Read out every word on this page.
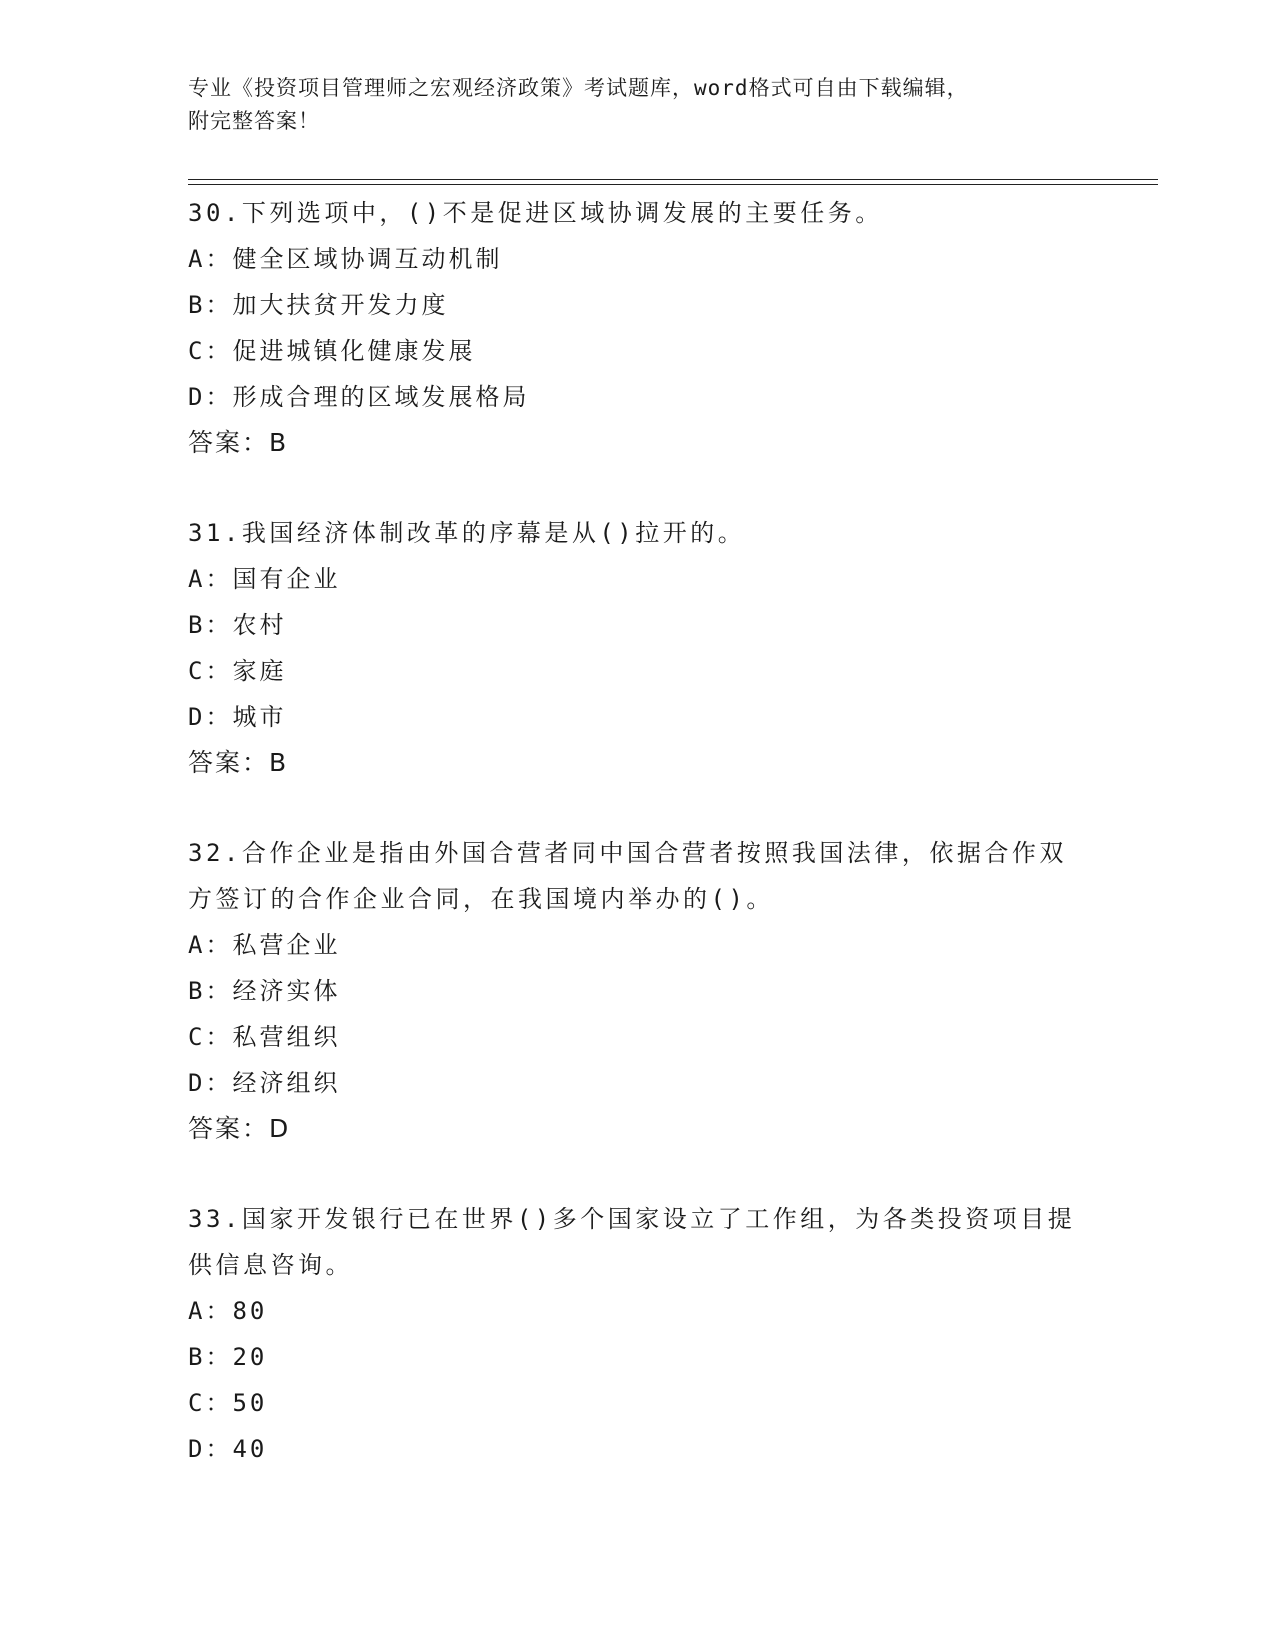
专业《投资项目管理师之宏观经济政策》考试题库，word格式可自由下载编辑，
附完整答案！
30.下列选项中，()不是促进区域协调发展的主要任务。
A：健全区域协调互动机制
B：加大扶贫开发力度
C：促进城镇化健康发展
D：形成合理的区域发展格局
答案：B
31.我国经济体制改革的序幕是从()拉开的。
A：国有企业
B：农村
C：家庭
D：城市
答案：B
32.合作企业是指由外国合营者同中国合营者按照我国法律，依据合作双方签订的合作企业合同，在我国境内举办的()。
A：私营企业
B：经济实体
C：私营组织
D：经济组织
答案：D
33.国家开发银行已在世界()多个国家设立了工作组，为各类投资项目提供信息咨询。
A：80
B：20
C：50
D：40
